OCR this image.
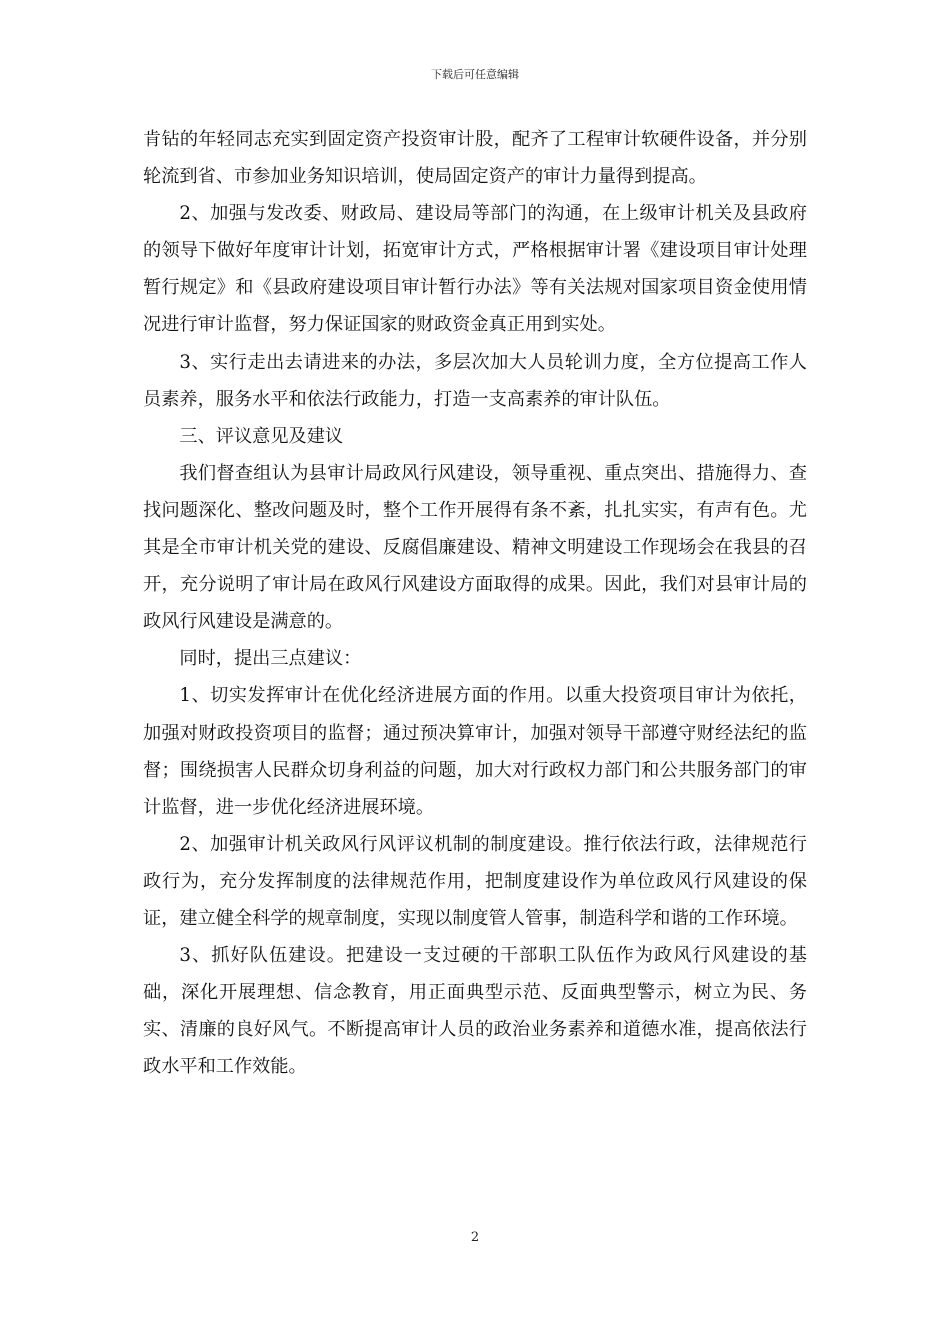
下载后可任意编辑

肯钻的年轻同志充实到固定资产投资审计股，配齐了工程审计软硬件设备，并分别轮流到省、市参加业务知识培训，使局固定资产的审计力量得到提高。

2、加强与发改委、财政局、建设局等部门的沟通，在上级审计机关及县政府的领导下做好年度审计计划，拓宽审计方式，严格根据审计署《建设项目审计处理暂行规定》和《县政府建设项目审计暂行办法》等有关法规对国家项目资金使用情况进行审计监督，努力保证国家的财政资金真正用到实处。

3、实行走出去请进来的办法，多层次加大人员轮训力度，全方位提高工作人员素养，服务水平和依法行政能力，打造一支高素养的审计队伍。

三、评议意见及建议

我们督查组认为县审计局政风行风建设，领导重视、重点突出、措施得力、查找问题深化、整改问题及时，整个工作开展得有条不紊，扎扎实实，有声有色。尤其是全市审计机关党的建设、反腐倡廉建设、精神文明建设工作现场会在我县的召开，充分说明了审计局在政风行风建设方面取得的成果。因此，我们对县审计局的政风行风建设是满意的。

同时，提出三点建议：

1、切实发挥审计在优化经济进展方面的作用。以重大投资项目审计为依托，加强对财政投资项目的监督；通过预决算审计，加强对领导干部遵守财经法纪的监督；围绕损害人民群众切身利益的问题，加大对行政权力部门和公共服务部门的审计监督，进一步优化经济进展环境。

2、加强审计机关政风行风评议机制的制度建设。推行依法行政，法律规范行政行为，充分发挥制度的法律规范作用，把制度建设作为单位政风行风建设的保证，建立健全科学的规章制度，实现以制度管人管事，制造科学和谐的工作环境。

3、抓好队伍建设。把建设一支过硬的干部职工队伍作为政风行风建设的基础，深化开展理想、信念教育，用正面典型示范、反面典型警示，树立为民、务实、清廉的良好风气。不断提高审计人员的政治业务素养和道德水准，提高依法行政水平和工作效能。

2
